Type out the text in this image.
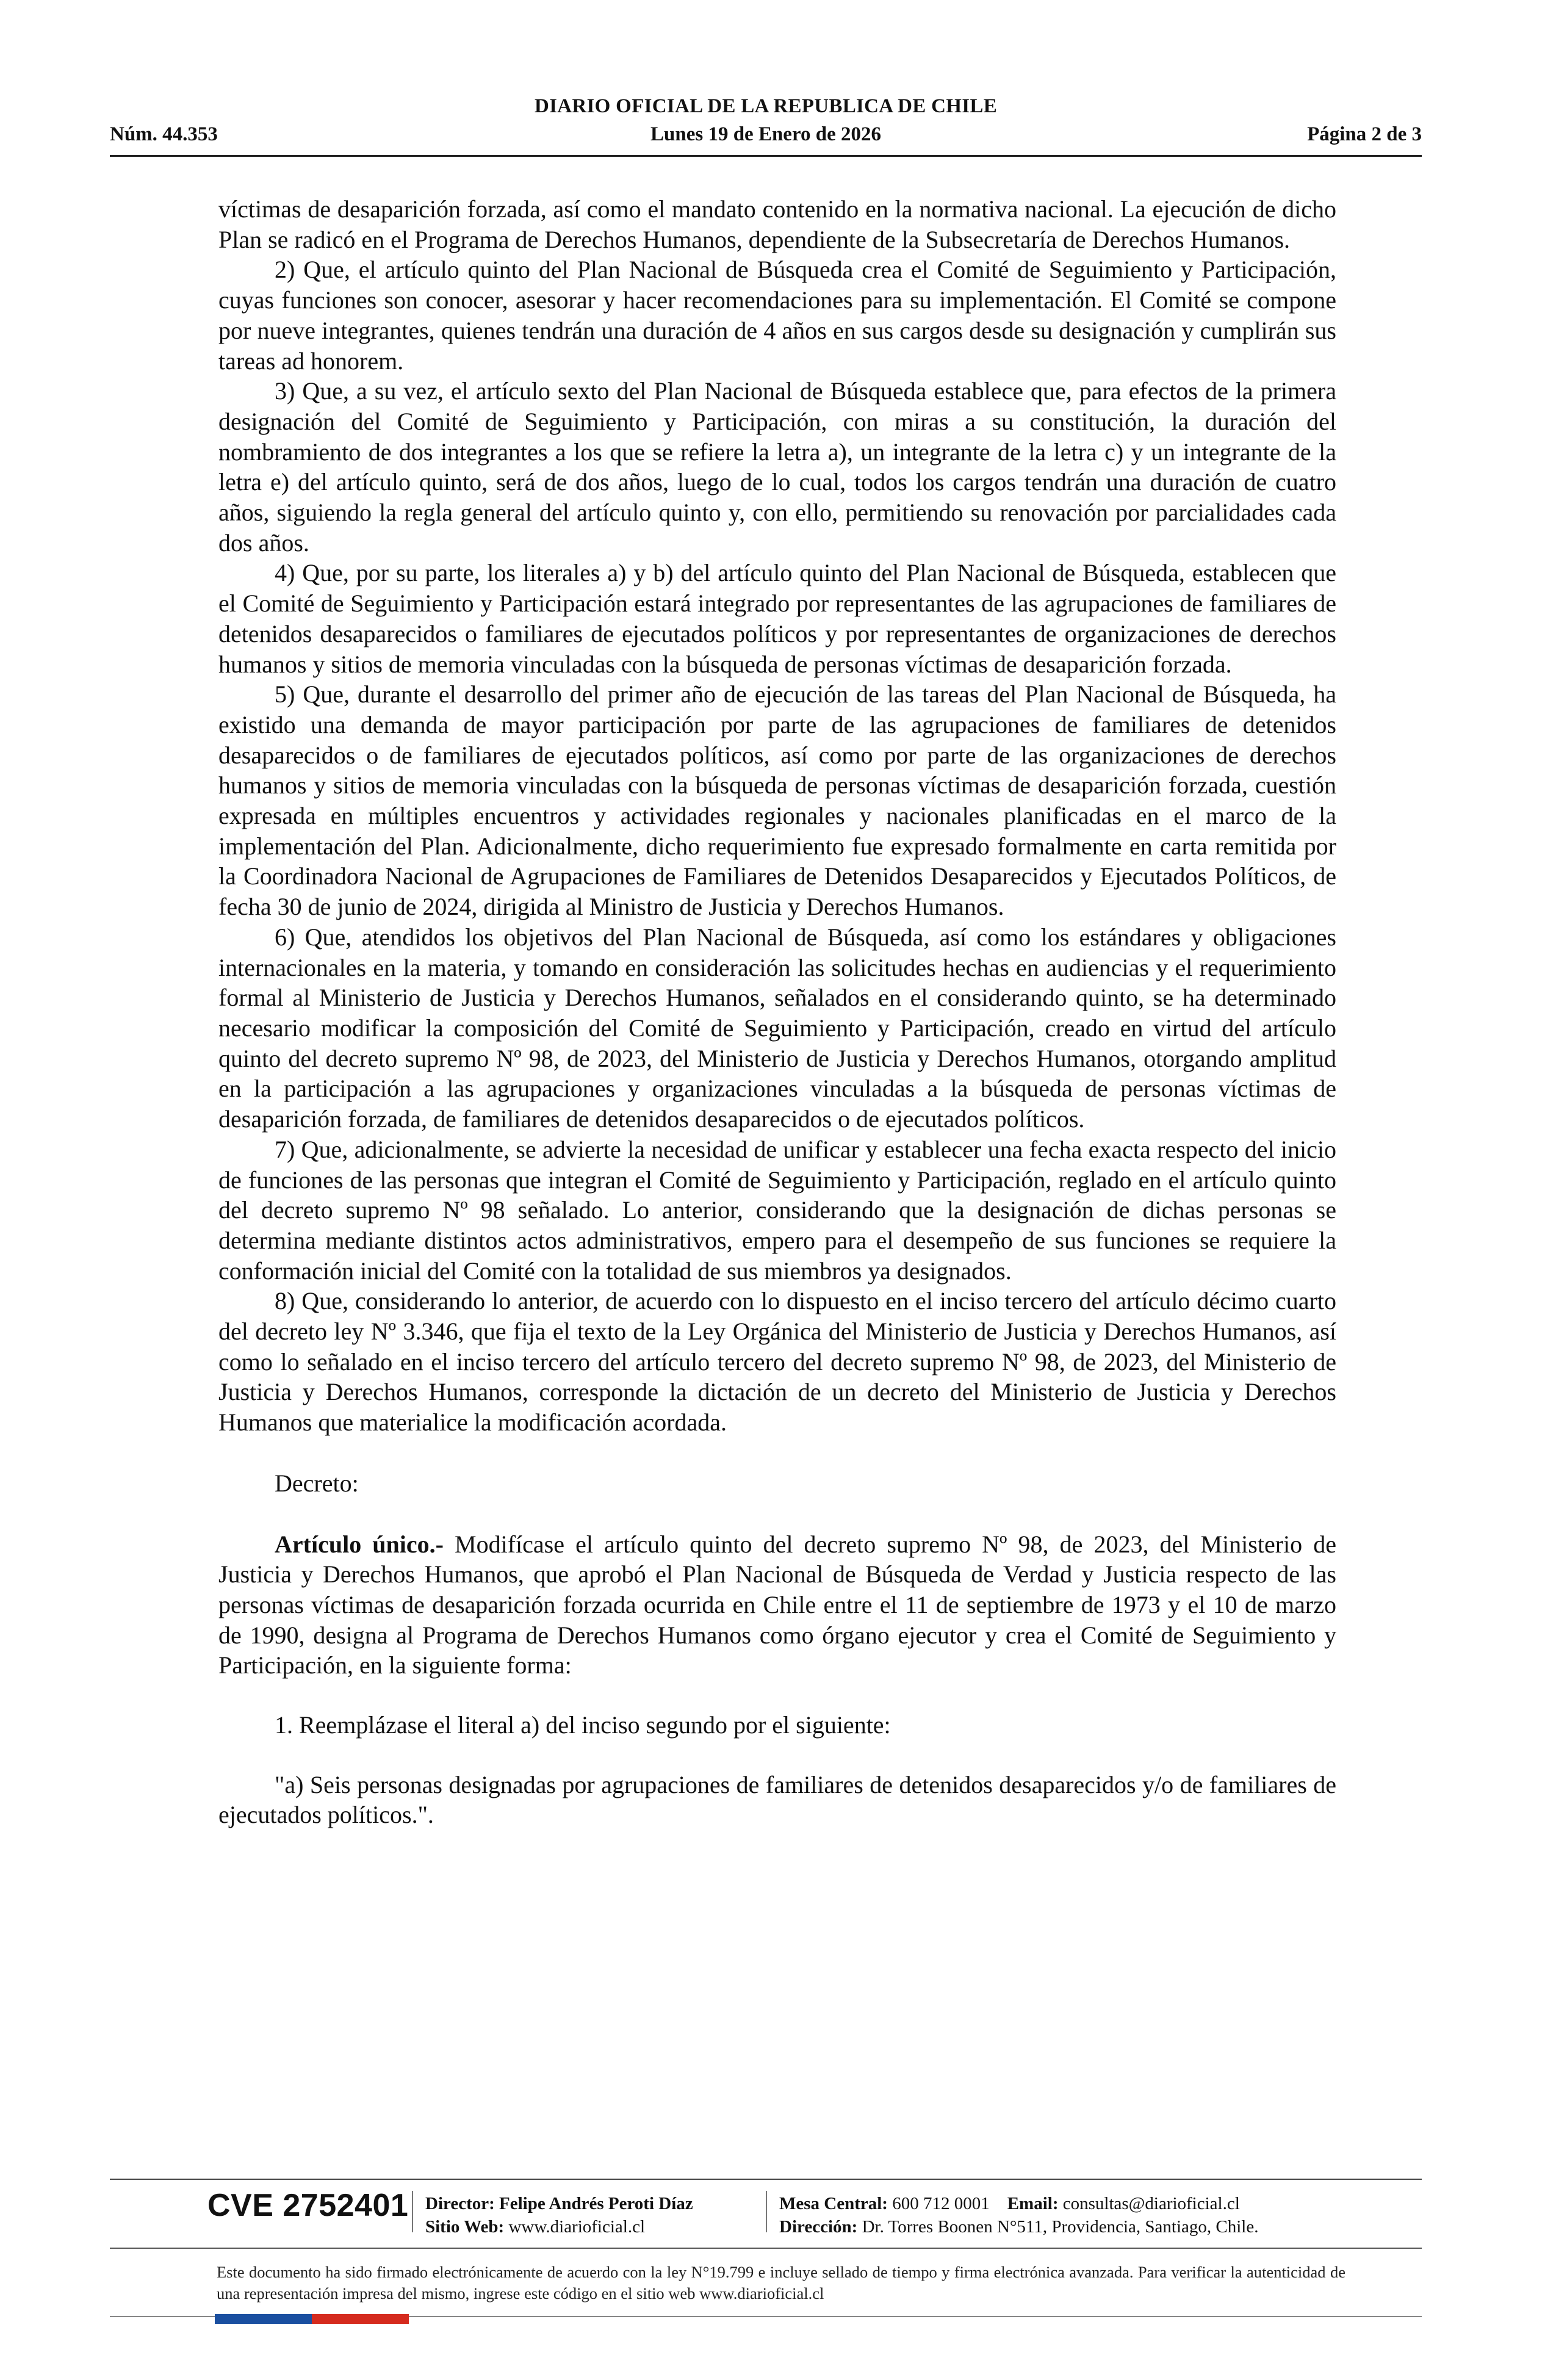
DIARIO OFICIAL DE LA REPUBLICA DE CHILE
Núm. 44.353	Lunes 19 de Enero de 2026	Página 2 de 3

víctimas de desaparición forzada, así como el mandato contenido en la normativa nacional. La ejecución de dicho Plan se radicó en el Programa de Derechos Humanos, dependiente de la Subsecretaría de Derechos Humanos.

2) Que, el artículo quinto del Plan Nacional de Búsqueda crea el Comité de Seguimiento y Participación, cuyas funciones son conocer, asesorar y hacer recomendaciones para su implementación. El Comité se compone por nueve integrantes, quienes tendrán una duración de 4 años en sus cargos desde su designación y cumplirán sus tareas ad honorem.

3) Que, a su vez, el artículo sexto del Plan Nacional de Búsqueda establece que, para efectos de la primera designación del Comité de Seguimiento y Participación, con miras a su constitución, la duración del nombramiento de dos integrantes a los que se refiere la letra a), un integrante de la letra c) y un integrante de la letra e) del artículo quinto, será de dos años, luego de lo cual, todos los cargos tendrán una duración de cuatro años, siguiendo la regla general del artículo quinto y, con ello, permitiendo su renovación por parcialidades cada dos años.

4) Que, por su parte, los literales a) y b) del artículo quinto del Plan Nacional de Búsqueda, establecen que el Comité de Seguimiento y Participación estará integrado por representantes de las agrupaciones de familiares de detenidos desaparecidos o familiares de ejecutados políticos y por representantes de organizaciones de derechos humanos y sitios de memoria vinculadas con la búsqueda de personas víctimas de desaparición forzada.

5) Que, durante el desarrollo del primer año de ejecución de las tareas del Plan Nacional de Búsqueda, ha existido una demanda de mayor participación por parte de las agrupaciones de familiares de detenidos desaparecidos o de familiares de ejecutados políticos, así como por parte de las organizaciones de derechos humanos y sitios de memoria vinculadas con la búsqueda de personas víctimas de desaparición forzada, cuestión expresada en múltiples encuentros y actividades regionales y nacionales planificadas en el marco de la implementación del Plan. Adicionalmente, dicho requerimiento fue expresado formalmente en carta remitida por la Coordinadora Nacional de Agrupaciones de Familiares de Detenidos Desaparecidos y Ejecutados Políticos, de fecha 30 de junio de 2024, dirigida al Ministro de Justicia y Derechos Humanos.

6) Que, atendidos los objetivos del Plan Nacional de Búsqueda, así como los estándares y obligaciones internacionales en la materia, y tomando en consideración las solicitudes hechas en audiencias y el requerimiento formal al Ministerio de Justicia y Derechos Humanos, señalados en el considerando quinto, se ha determinado necesario modificar la composición del Comité de Seguimiento y Participación, creado en virtud del artículo quinto del decreto supremo Nº 98, de 2023, del Ministerio de Justicia y Derechos Humanos, otorgando amplitud en la participación a las agrupaciones y organizaciones vinculadas a la búsqueda de personas víctimas de desaparición forzada, de familiares de detenidos desaparecidos o de ejecutados políticos.

7) Que, adicionalmente, se advierte la necesidad de unificar y establecer una fecha exacta respecto del inicio de funciones de las personas que integran el Comité de Seguimiento y Participación, reglado en el artículo quinto del decreto supremo Nº 98 señalado. Lo anterior, considerando que la designación de dichas personas se determina mediante distintos actos administrativos, empero para el desempeño de sus funciones se requiere la conformación inicial del Comité con la totalidad de sus miembros ya designados.

8) Que, considerando lo anterior, de acuerdo con lo dispuesto en el inciso tercero del artículo décimo cuarto del decreto ley Nº 3.346, que fija el texto de la Ley Orgánica del Ministerio de Justicia y Derechos Humanos, así como lo señalado en el inciso tercero del artículo tercero del decreto supremo Nº 98, de 2023, del Ministerio de Justicia y Derechos Humanos, corresponde la dictación de un decreto del Ministerio de Justicia y Derechos Humanos que materialice la modificación acordada.

Decreto:

Artículo único.- Modifícase el artículo quinto del decreto supremo Nº 98, de 2023, del Ministerio de Justicia y Derechos Humanos, que aprobó el Plan Nacional de Búsqueda de Verdad y Justicia respecto de las personas víctimas de desaparición forzada ocurrida en Chile entre el 11 de septiembre de 1973 y el 10 de marzo de 1990, designa al Programa de Derechos Humanos como órgano ejecutor y crea el Comité de Seguimiento y Participación, en la siguiente forma:

1. Reemplázase el literal a) del inciso segundo por el siguiente:

"a) Seis personas designadas por agrupaciones de familiares de detenidos desaparecidos y/o de familiares de ejecutados políticos.".

CVE 2752401 Director: Felipe Andrés Peroti Díaz
Sitio Web: www.diarioficial.cl
Mesa Central: 600 712 0001 Email: consultas@diarioficial.cl
Dirección: Dr. Torres Boonen N°511, Providencia, Santiago, Chile.
Este documento ha sido firmado electrónicamente de acuerdo con la ley N°19.799 e incluye sellado de tiempo y firma electrónica avanzada. Para verificar la autenticidad de una representación impresa del mismo, ingrese este código en el sitio web www.diarioficial.cl
